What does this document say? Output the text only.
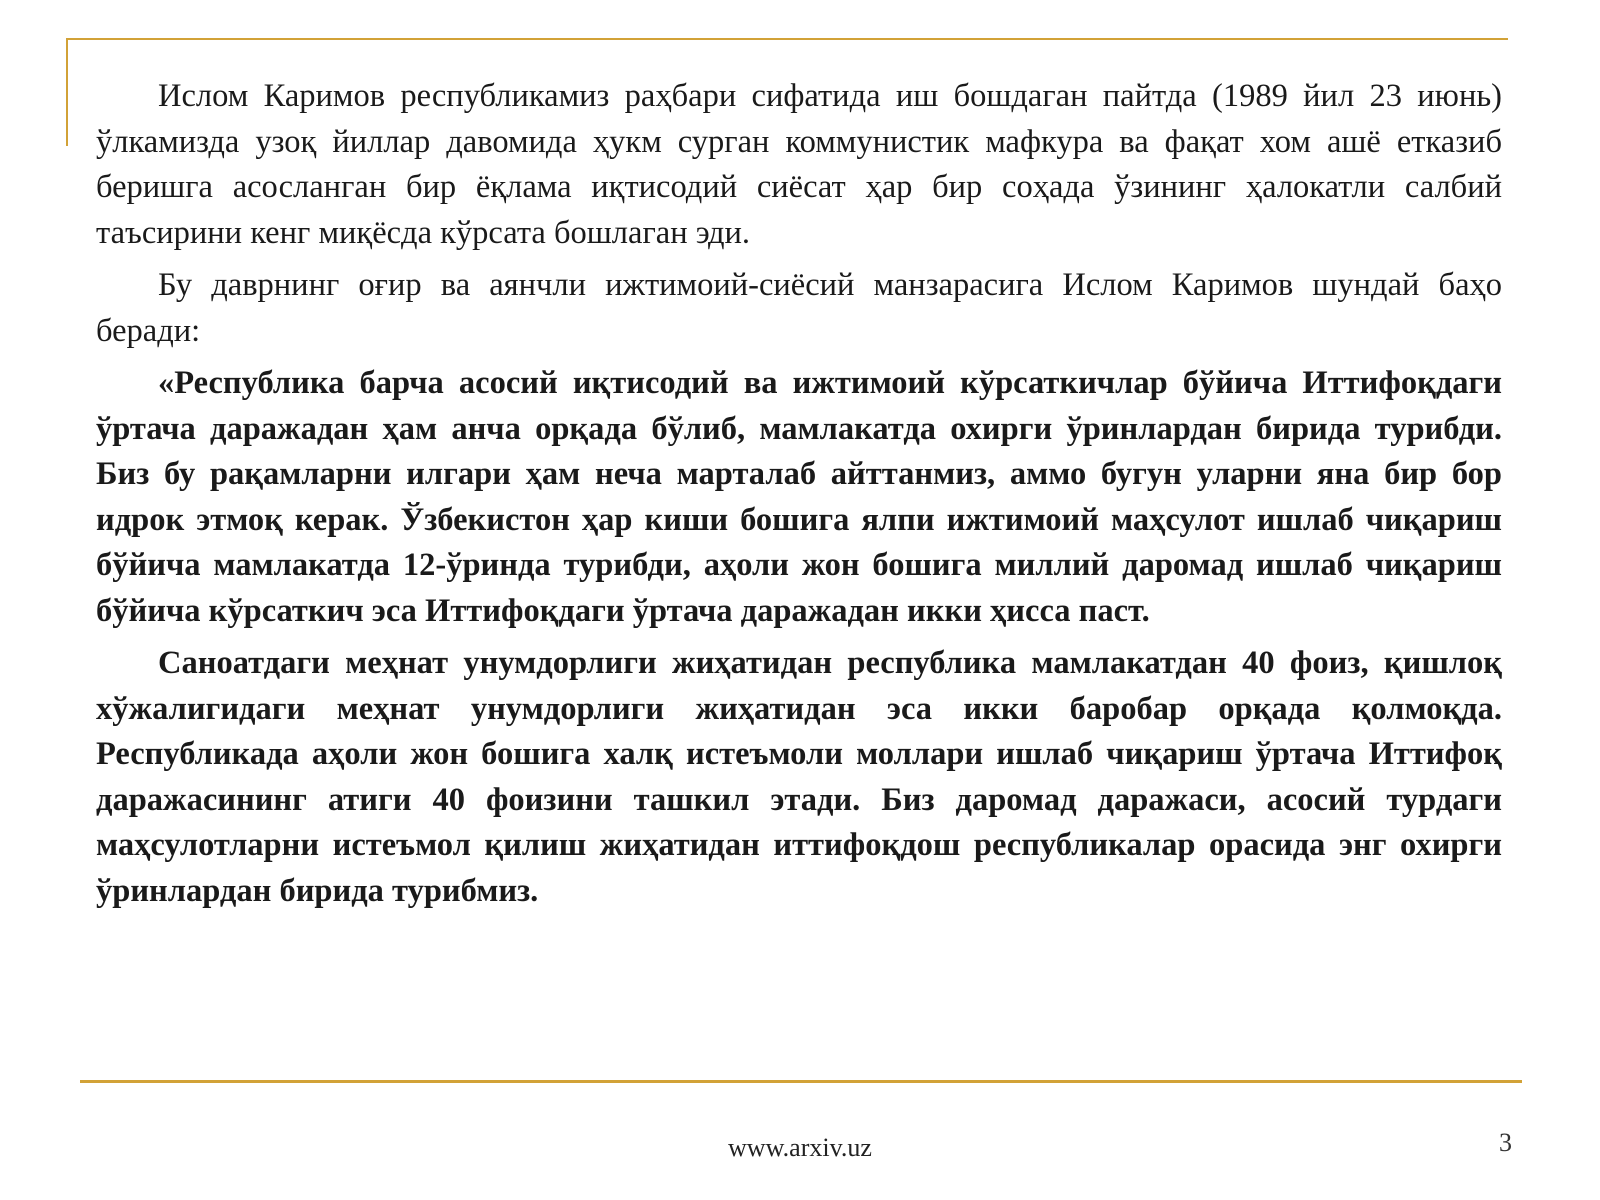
Ислом Каримов республикамиз раҳбари сифатида иш бошдаган пайтда (1989 йил 23 июнь) ўлкамизда узоқ йиллар давомида ҳукм сурган коммунистик мафкура ва фақат хом ашё етказиб беришга асосланган бир ёқлама иқтисодий сиёсат ҳар бир соҳада ўзининг ҳалокатли салбий таъсирини кенг миқёсда кўрсата бошлаган эди.

Бу даврнинг оғир ва аянчли ижтимоий-сиёсий манзарасига Ислом Каримов шундай баҳо беради:

«Республика барча асосий иқтисодий ва ижтимоий кўрсаткичлар бўйича Иттифоқдаги ўртача даражадан ҳам анча орқада бўлиб, мамлакатда охирги ўринлардан бирида турибди. Биз бу рақамларни илгари ҳам неча марталаб айттанмиз, аммо бугун уларни яна бир бор идрок этмоқ керак. Ўзбекистон ҳар киши бошига ялпи ижтимоий маҳсулот ишлаб чиқариш бўйича мамлакатда 12-ўринда турибди, аҳоли жон бошига миллий даромад ишлаб чиқариш бўйича кўрсаткич эса Иттифоқдаги ўртача даражадан икки ҳисса паст.

Саноатдаги меҳнат унумдорлиги жиҳатидан республика мамлакатдан 40 фоиз, қишлоқ хўжалигидаги меҳнат унумдорлиги жиҳатидан эса икки баробар орқада қолмоқда. Республикада аҳоли жон бошига халқ истеъмоли моллари ишлаб чиқариш ўртача Иттифоқ даражасининг атиги 40 фоизини ташкил этади. Биз даромад даражаси, асосий турдаги маҳсулотларни истеъмол қилиш жиҳатидан иттифоқдош республикалар орасида энг охирги ўринлардан бирида турибмиз.

www.arxiv.uz	3
